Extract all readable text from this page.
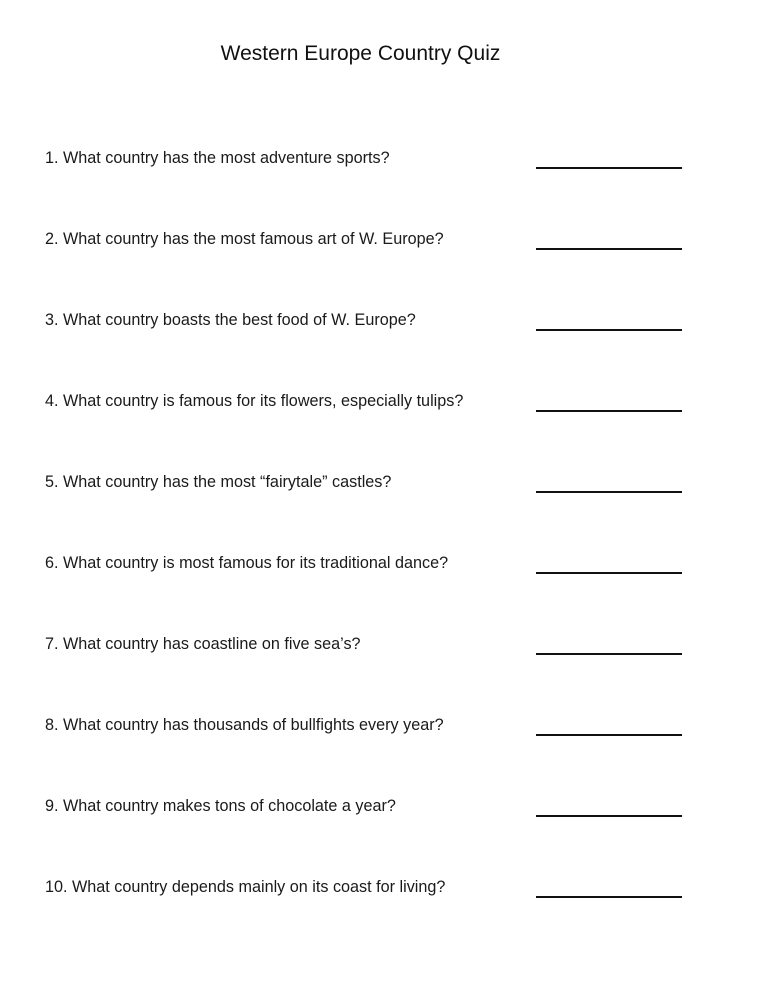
Western Europe Country Quiz
1. What country has the most adventure sports?
2. What country has the most famous art of W. Europe?
3. What country boasts the best food of W. Europe?
4. What country is famous for its flowers, especially tulips?
5. What country has the most “fairytale” castles?
6. What country is most famous for its traditional dance?
7. What country has coastline on five sea’s?
8. What country has thousands of bullfights every year?
9. What country makes tons of chocolate a year?
10. What country depends mainly on its coast for living?
